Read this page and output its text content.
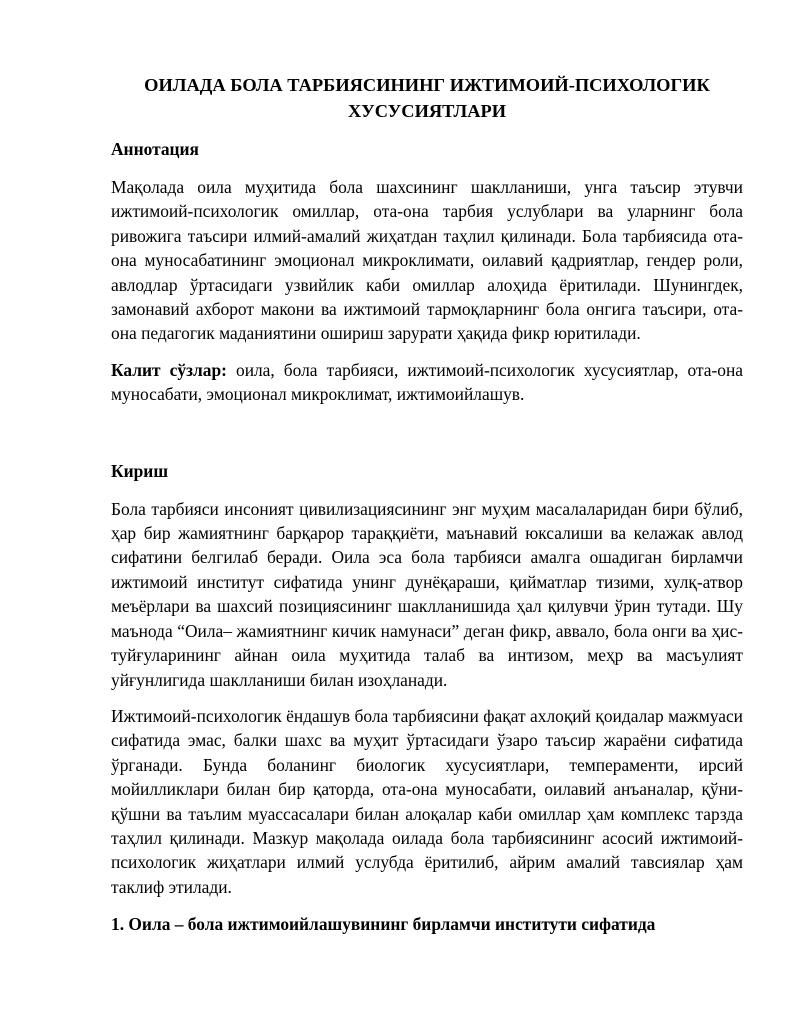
ОИЛАДА БОЛА ТАРБИЯСИНИНГ ИЖТИМОИЙ-ПСИХОЛОГИК
ХУСУСИЯТЛАРИ

Аннотация

Мақолада оила муҳитида бола шахсининг шаклланиши, унга таъсир этувчи ижтимоий-психологик омиллар, ота-она тарбия услублари ва уларнинг бола ривожига таъсири илмий-амалий жиҳатдан таҳлил қилинади. Бола тарбиясида ота-она муносабатининг эмоционал микроклимати, оилавий қадриятлар, гендер роли, авлодлар ўртасидаги узвийлик каби омиллар алоҳида ёритилади. Шунингдек, замонавий ахборот макони ва ижтимоий тармоқларнинг бола онгига таъсири, ота-она педагогик маданиятини ошириш зарурати ҳақида фикр юритилади.

Калит сўзлар: оила, бола тарбияси, ижтимоий-психологик хусусиятлар, ота-она муносабати, эмоционал микроклимат, ижтимоийлашув.

Кириш

Бола тарбияси инсоният цивилизациясининг энг муҳим масалаларидан бири бўлиб, ҳар бир жамиятнинг барқарор тараққиёти, маънавий юксалиши ва келажак авлод сифатини белгилаб беради. Оила эса бола тарбияси амалга ошадиган бирламчи ижтимоий институт сифатида унинг дунёқараши, қийматлар тизими, хулқ-атвор меъёрлари ва шахсий позициясининг шаклланишида ҳал қилувчи ўрин тутади. Шу маънода “Оила– жамиятнинг кичик намунаси” деган фикр, аввало, бола онги ва ҳис-туйғуларининг айнан оила муҳитида талаб ва интизом, меҳр ва масъулият уйғунлигида шаклланиши билан изоҳланади.

Ижтимоий-психологик ёндашув бола тарбиясини фақат ахлоқий қоидалар мажмуаси сифатида эмас, балки шахс ва муҳит ўртасидаги ўзаро таъсир жараёни сифатида ўрганади. Бунда боланинг биологик хусусиятлари, темпераменти, ирсий мойилликлари билан бир қаторда, ота-она муносабати, оилавий анъаналар, қўни-қўшни ва таълим муассасалари билан алоқалар каби омиллар ҳам комплекс тарзда таҳлил қилинади. Мазкур мақолада оилада бола тарбиясининг асосий ижтимоий-психологик жиҳатлари илмий услубда ёритилиб, айрим амалий тавсиялар ҳам таклиф этилади.

1. Оила – бола ижтимоийлашувининг бирламчи институти сифатида
